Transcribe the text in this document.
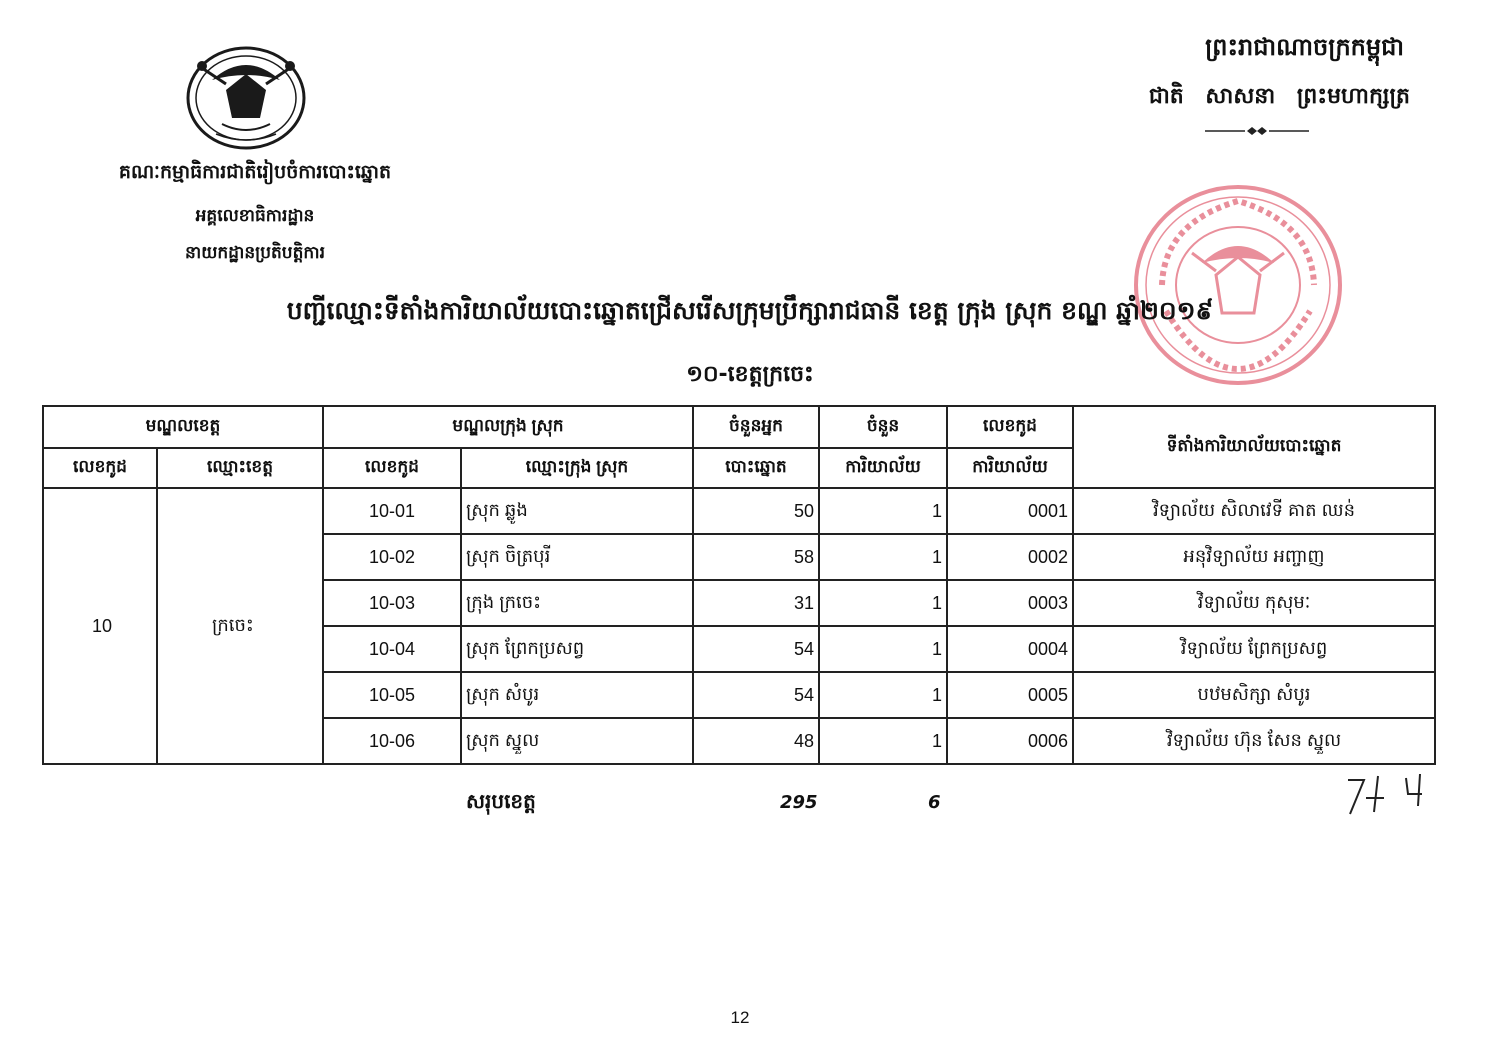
គណៈកម្មាធិការជាតិរៀបចំការបោះឆ្នោត
អគ្គលេខាធិការដ្ឋាន
នាយកដ្ឋានប្រតិបត្តិការ
ព្រះរាជាណាចក្រកម្ពុជា
ជាតិ សាសនា ព្រះមហាក្សត្រ
បញ្ជីឈ្មោះទីតាំងការិយាល័យបោះឆ្នោតជ្រើសរើសក្រុមប្រឹក្សារាជធានី ខេត្ត ក្រុង ស្រុក ខណ្ឌ ឆ្នាំ២០១៩
១០-ខេត្តក្រចេះ
មណ្ឌលខេត្ត		មណ្ឌលក្រុង ស្រុក		ចំនួនអ្នក	ចំនួន	លេខកូដ	ទីតាំងការិយាល័យបោះឆ្នោត
លេខកូដ	ឈ្មោះខេត្ត	លេខកូដ	ឈ្មោះក្រុង ស្រុក	បោះឆ្នោត	ការិយាល័យ	ការិយាល័យ	
10	ក្រចេះ	10-01	ស្រុក ឆ្លូង	50	1	0001	វិទ្យាល័យ សិលាវេទី គាត ឈន់
		10-02	ស្រុក ចិត្របុរី	58	1	0002	អនុវិទ្យាល័យ អញ្ចាញ
		10-03	ក្រុង ក្រចេះ	31	1	0003	វិទ្យាល័យ កុសុមៈ
		10-04	ស្រុក ព្រែកប្រសព្វ	54	1	0004	វិទ្យាល័យ ព្រែកប្រសព្វ
		10-05	ស្រុក សំបូរ	54	1	0005	បឋមសិក្សា សំបូរ
		10-06	ស្រុក ស្នួល	48	1	0006	វិទ្យាល័យ ហ៊ុន សែន ស្នួល
សរុបខេត្ត	295	6
12
